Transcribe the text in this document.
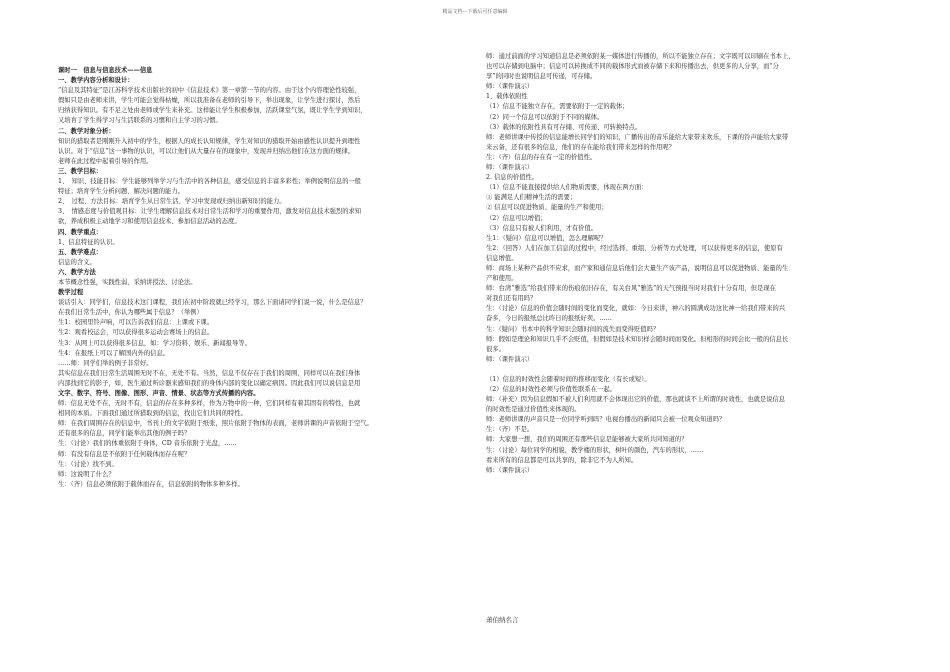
精品文档---下载后可任意编辑

课时一　信息与信息技术——信息

一、教学内容分析和设计：

“信息及其特征”是江苏科学技术出版社的初中《信息技术》第一章第一节的内容。由于这个内容理论性较强，

假如只是由老师来讲，学生可能会觉得枯燥，所以我准备在老师的引导下，举出现象，让学生进行探讨，然后

归纳获得知识。有不足之处由老师或学生来补充。这样能让学生积极参加，活跃课堂气氛，既让学生学到知识，

又培育了学生得学习与生活联系的习惯和自主学习的习惯。

二、教学对象分析：

知识的猎取者是刚刚升入初中的学生，根据人的成长认知规律，学生对知识的猎取开始由感性认识提升到理性

认识。对于“信息”这一事物的认识，可以让他们从大量存在的现象中，发现并归纳出他们在这方面的规律。

老师在此过程中起着引导的作用。

三、教学目标：

1、　知识、技能目标：学生能够列举学习与生活中的各种信息，感受信息的丰富多彩性；举例说明信息的一般

特征；培育学生分析问题、解决问题的能力。

2、　过程、方法目标：培育学生从日常生活、学习中发现或归纳出新知识的能力。

3、　情感态度与价值观目标：让学生理解信息技术对日常生活和学习的重要作用，激发对信息技术强烈的求知

欲，养成积极主动地学习和使用信息技术、参加信息活动的态度。

四、教学重点：

1、信息特征的认识。

五、教学难点：

信息的含义。

六、教学方法

本节概念性强，实践性弱，采纳讲授法、讨论法。

教学过程

谈话引入：同学们，信息技术这门课程，我们在初中阶段就已经学习，那么下面请同学们说一说，什么是信息？

在我们日常生活中，你认为哪些属于信息？（举例）

生1：校园里铃声响，可以告诉我们信息：上课或下课。

生2：观看校运会，可以获得很多运动会赛场上的信息。

生3：从网上可以获得很多信息，如：学习资料、娱乐、新闻报导等。

生4：在报纸上可以了解国内外的信息。

……师：同学们举的例子非常好。

其实信息在我们日常生活周围无时不在，无处不有。当然，信息不仅存在于我们的周围，同样可以在我们身体

内部找到它的影子，如，医生通过听诊器来感知我们的身体内部的变化以确定病因。因此我们可以说信息是用

文字、数字、符号、图像、图形、声音、情景、状态等方式传播的内容。

师：信息无处不在，无时不有，信息的存在多种多样，作为万物中的一种，它们同样有着其固有的特性，也就

相同的本质。下面我们通过所猎取到的信息，找出它们共同的特性。

师：在我们周围存在的信息中，书刊上的文字依附于纸张，照片依附于物体的表面，老师讲课的声音依附于空气。

还有很多的信息，同学们能举出其他的例子吗？

生：（讨论）我们的体重依附于身体，CD 音乐依附于光盘，……

师：有没有信息是不依附于任何载体而存在呢？

生：（讨论）找不到。

师：这说明了什么？

生：（齐）信息必须依附于载体而存在，信息依附的物体多种多样。

师：通过前面的学习知道信息是必须依附某一媒体进行传播的，所以不能独立存在；文字既可以印刷在书本上，

也可以存储到电脑中；信息可以转换成不同的载体形式而被存储下来和传播出去，供更多的人分享，而“分

享”的同时也说明信息可传递，可存储。

师：（课件演示）

1、载体依附性

（1）信息不能独立存在，需要依附于一定的载体；

（2）同一个信息可以依附于不同的媒体。

（3）载体的依附性具有可存储、可传递、可转换特点。

师：老师讲课中传授的信息能增长同学们的知识，广播传出的音乐能给大家带来欢乐，下课的铃声能给大家带

来云备，还有很多的信息，他们的存在能给我们带来怎样的作用呢？

生：（齐）信息的存在有一定的价值性。

师：（课件演示）

2. 信息的价值性。

（1）信息不能直接提供给人们物质需要，体现在两方面：

① 能满足人们精神生活的需要；

② 信息可以促进物质、能量的生产和使用；

（2）信息可以增值；

（3）信息只有被人们利用，才有价值。

生1：（疑问）信息可以增值，怎么理解呢？

生2：（回答）人们在加工信息的过程中，经过选择、重组、分析等方式处理，可以获得更多的信息，使原有

信息增值。

师：商场上某种产品供不应求，而产家和通信息后他们会大量生产该产品，说明信息可以促进物质、能量的生

产和使用。

师：台湾“雅选”给我们带来的伤痕依旧存在，有关台风“雅选”的天气预报当时对我们十分有用，但是现在

对我们还有用吗？

生：（讨论）信息的价值会随时间的变化而变化，就如：今日来讲，神六的圆满成功这比神一给我们带来的兴

奋多，今日的报纸总比昨日的报纸好卖。……

生：（疑问）书本中的科学知识会随时间的流失而变得贬值吗？

师：假如是理论和知识几乎不会贬值，但假如是技术知识样会随时间而变化。但相形的时间会比一般的信息长

很多。

师：（课件演示）

（1）信息的时效性会随着时间的推移而变化（有长或短）。

（2）信息的时效性必须与价值性联系在一起。

师：（补充）因为信息假如不被人们利用就不会体现出它的价值，那也就谈不上所谓的时效性，也就是说信息

的时效性是通过价值性来体现的。

师：老师讲课的声音只是一位同学听到吗？电视台播出的新闻只会被一位观众知道吗？

生：（齐）不是。

师：大家想一想，我们的周围还有那些信息是能够被大家所共同知道的？

生：（讨论）每位同学的相貌，教学楼的形状，树叶的颜色，汽车的形状，……

看来所有的信息都是可以共享的，除非它不为人所知。

师：（课件演示）

萧伯纳名言
